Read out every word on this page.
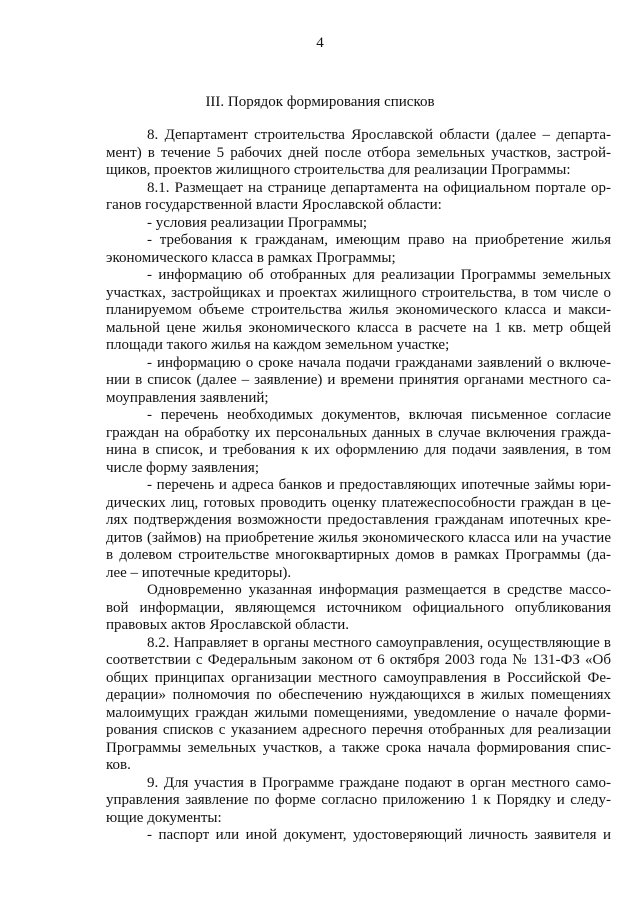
4
III. Порядок формирования списков
8. Департамент строительства Ярославской области (далее – департа-
мент) в течение 5 рабочих дней после отбора земельных участков, застрой-
щиков, проектов жилищного строительства для реализации Программы:
8.1. Размещает на странице департамента на официальном портале ор-
ганов государственной власти Ярославской области:
- условия реализации Программы;
- требования к гражданам, имеющим право на приобретение жилья
экономического класса в рамках Программы;
- информацию об отобранных для реализации Программы земельных
участках, застройщиках и проектах жилищного строительства, в том числе о
планируемом объеме строительства жилья экономического класса и макси-
мальной цене жилья экономического класса в расчете на 1 кв. метр общей
площади такого жилья на каждом земельном участке;
- информацию о сроке начала подачи гражданами заявлений о включе-
нии в список (далее – заявление) и времени принятия органами местного са-
моуправления заявлений;
- перечень необходимых документов, включая письменное согласие
граждан на обработку их персональных данных в случае включения гражда-
нина в список, и требования к их оформлению для подачи заявления, в том
числе форму заявления;
- перечень и адреса банков и предоставляющих ипотечные займы юри-
дических лиц, готовых проводить оценку платежеспособности граждан в це-
лях подтверждения возможности предоставления гражданам ипотечных кре-
дитов (займов) на приобретение жилья экономического класса или на участие
в долевом строительстве многоквартирных домов в рамках Программы (да-
лее – ипотечные кредиторы).
Одновременно указанная информация размещается в средстве массо-
вой информации, являющемся источником официального опубликования
правовых актов Ярославской области.
8.2. Направляет в органы местного самоуправления, осуществляющие в
соответствии с Федеральным законом от 6 октября 2003 года № 131-ФЗ «Об
общих принципах организации местного самоуправления в Российской Фе-
дерации» полномочия по обеспечению нуждающихся в жилых помещениях
малоимущих граждан жилыми помещениями, уведомление о начале форми-
рования списков с указанием адресного перечня отобранных для реализации
Программы земельных участков, а также срока начала формирования спис-
ков.
9. Для участия в Программе граждане подают в орган местного само-
управления заявление по форме согласно приложению 1 к Порядку и следу-
ющие документы:
- паспорт или иной документ, удостоверяющий личность заявителя и
